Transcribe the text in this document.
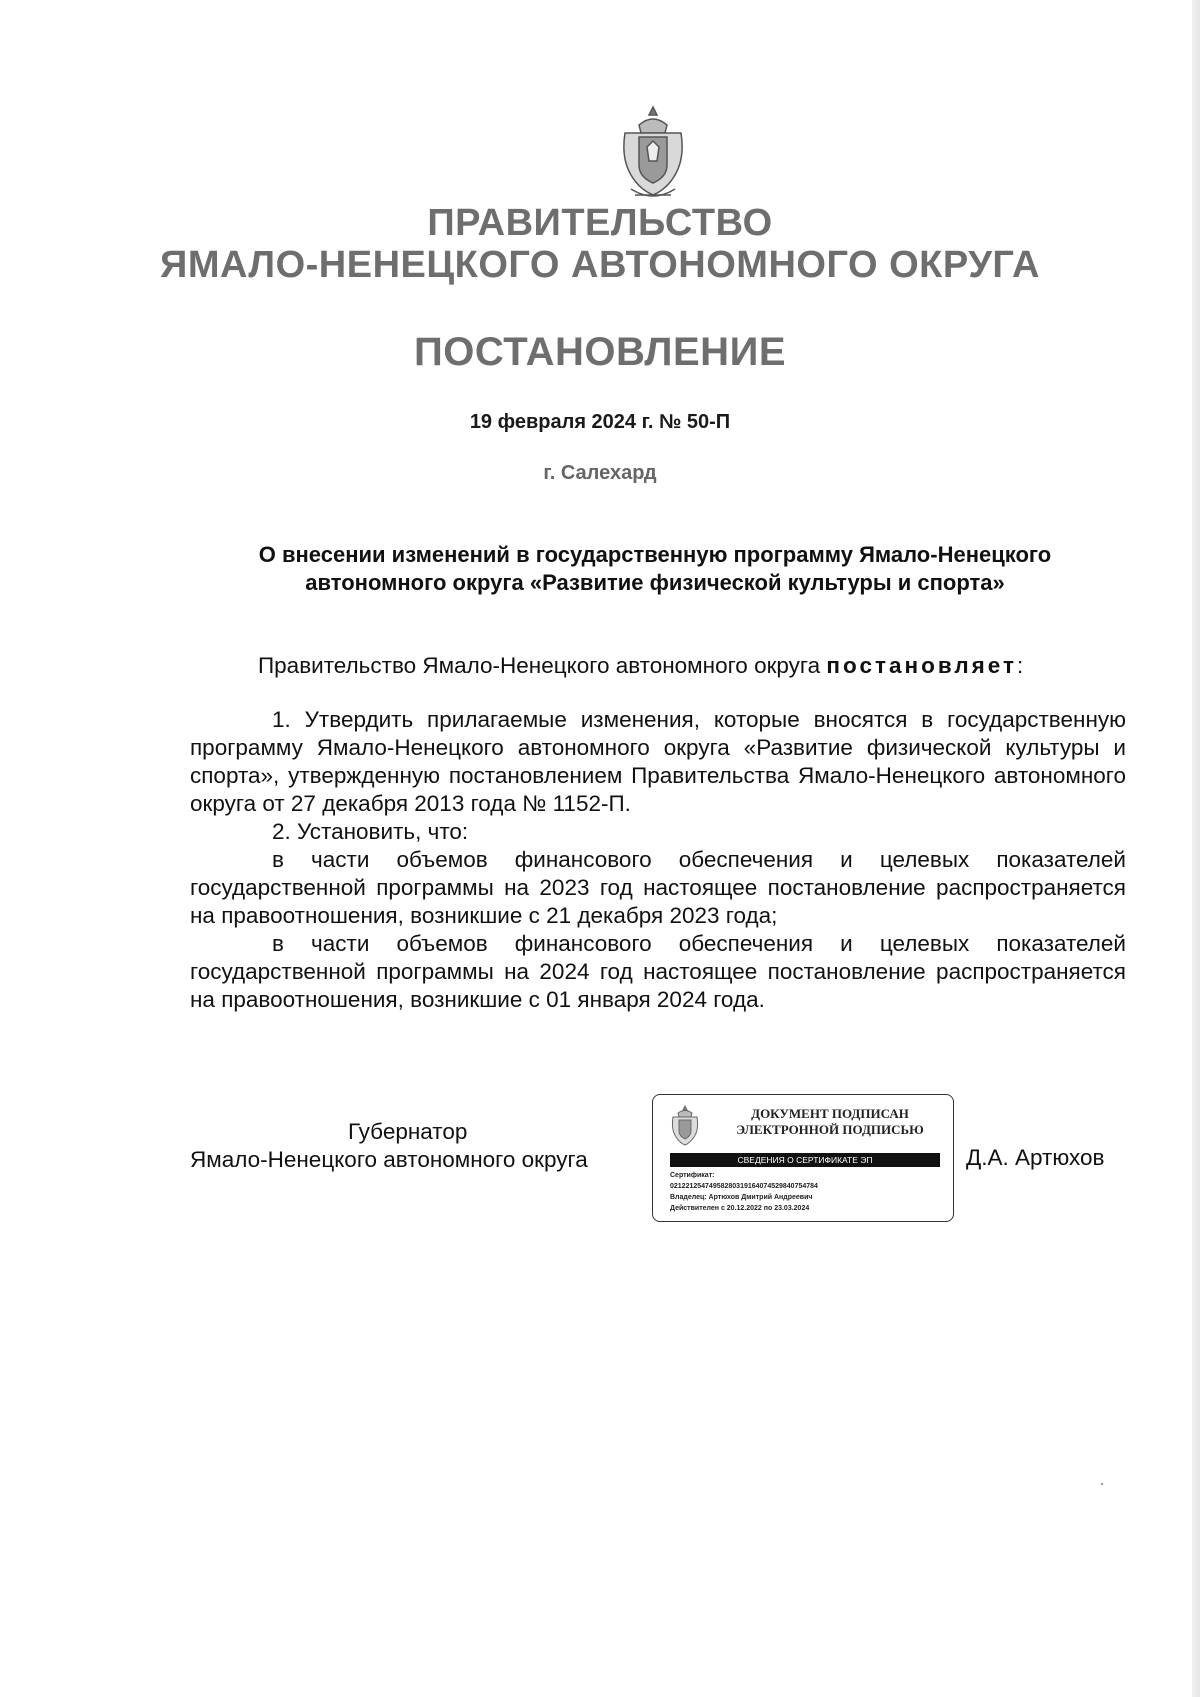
ПРАВИТЕЛЬСТВО
ЯМАЛО-НЕНЕЦКОГО АВТОНОМНОГО ОКРУГА
ПОСТАНОВЛЕНИЕ
19 февраля 2024 г. № 50-П
г. Салехард
О внесении изменений в государственную программу Ямало-Ненецкого автономного округа «Развитие физической культуры и спорта»
Правительство Ямало-Ненецкого автономного округа постановляет:

1. Утвердить прилагаемые изменения, которые вносятся в государственную программу Ямало-Ненецкого автономного округа «Развитие физической культуры и спорта», утвержденную постановлением Правительства Ямало-Ненецкого автономного округа от 27 декабря 2013 года № 1152-П.

2. Установить, что:

в части объемов финансового обеспечения и целевых показателей государственной программы на 2023 год настоящее постановление распространяется на правоотношения, возникшие с 21 декабря 2023 года;

в части объемов финансового обеспечения и целевых показателей государственной программы на 2024 год настоящее постановление распространяется на правоотношения, возникшие с 01 января 2024 года.

Губернатор
Ямало-Ненецкого автономного округа
ДОКУМЕНТ ПОДПИСАН
ЭЛЕКТРОННОЙ ПОДПИСЬЮ
СВЕДЕНИЯ О СЕРТИФИКАТЕ ЭП
Сертификат:
0212212547495828031916407452984075478​4
Владелец: Артюхов Дмитрий Андреевич
Действителен с 20.12.2022 по 23.03.2024
Д.А. Артюхов
